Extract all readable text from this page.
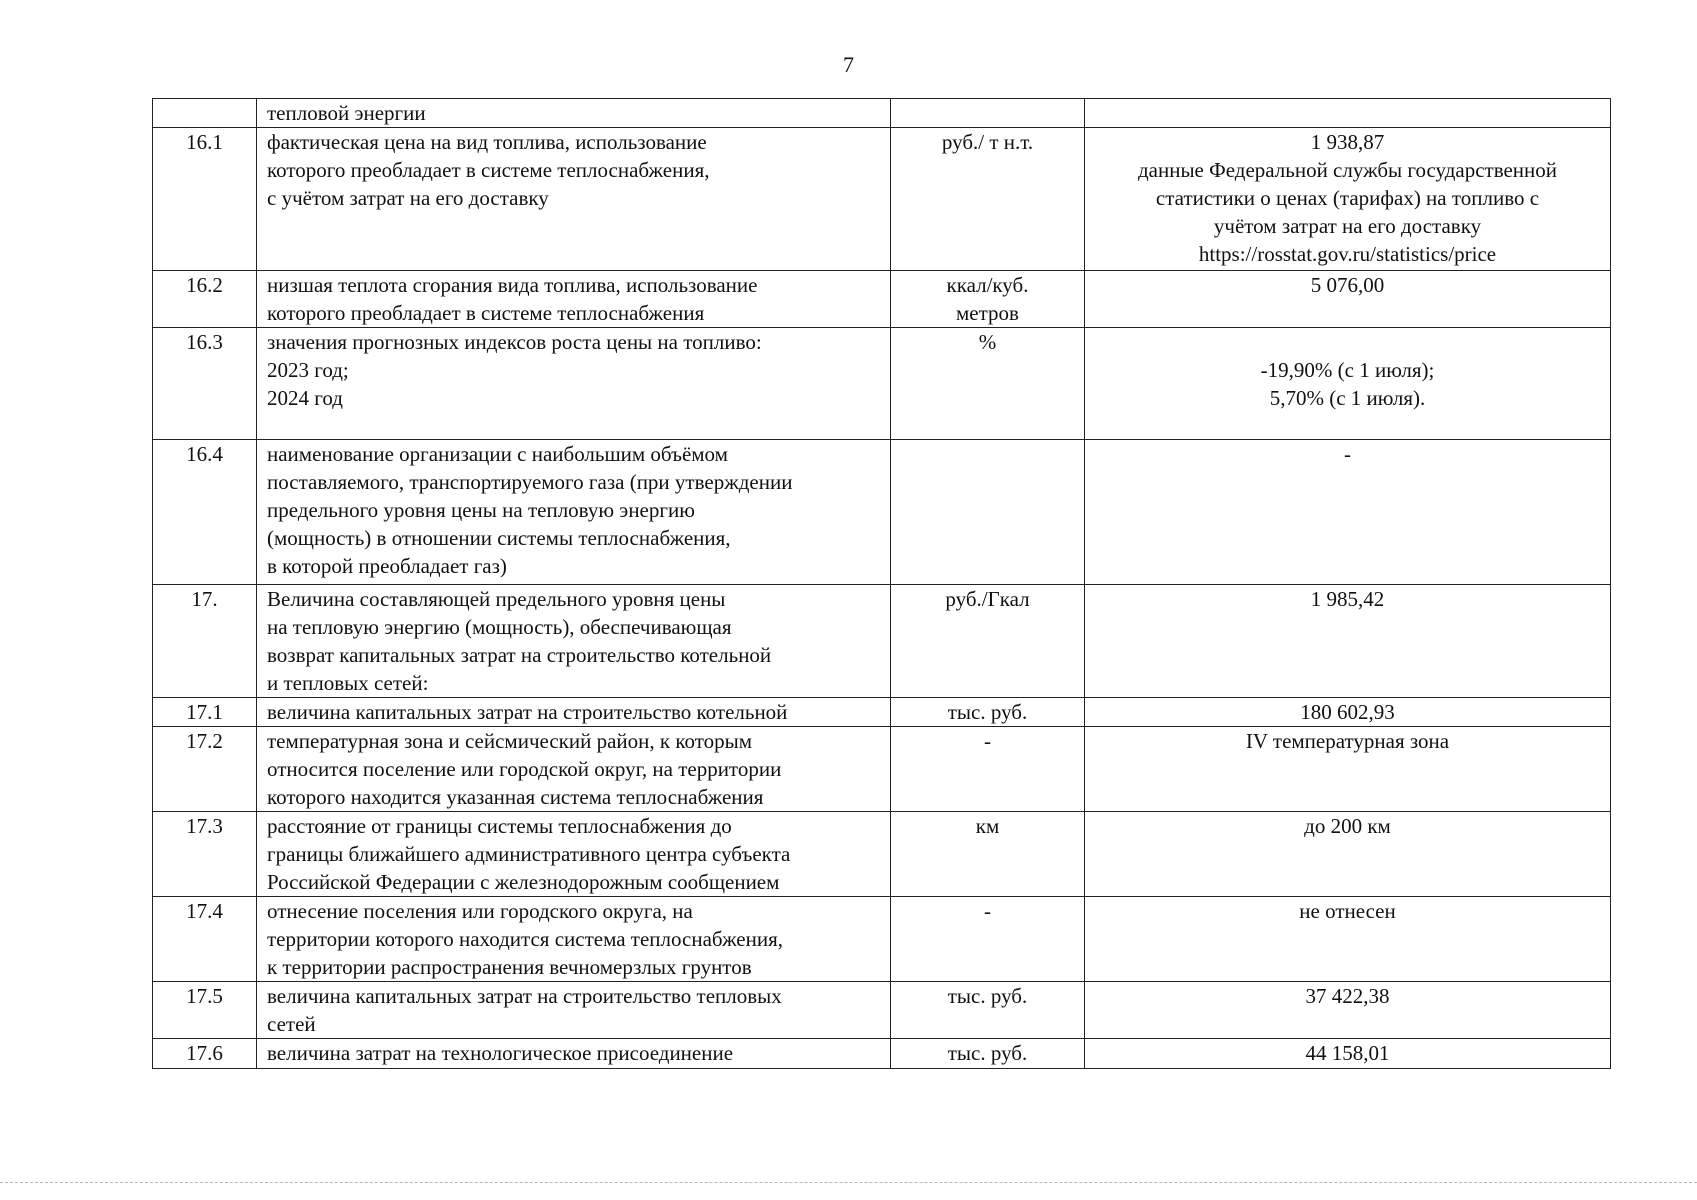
7

	тепловой энергии		

16.1	фактическая цена на вид топлива, использование
которого преобладает в системе теплоснабжения,
с учётом затрат на его доставку	руб./ т н.т.	1 938,87
данные Федеральной службы государственной
статистики о ценах (тарифах) на топливо с
учётом затрат на его доставку
https://rosstat.gov.ru/statistics/price

16.2	низшая теплота сгорания вида топлива, использование
которого преобладает в системе теплоснабжения	ккал/куб.
метров	5 076,00

16.3	значения прогнозных индексов роста цены на топливо:
2023 год;
2024 год	%	-19,90% (с 1 июля);
5,70% (с 1 июля).

16.4	наименование организации с наибольшим объёмом
поставляемого, транспортируемого газа (при утверждении
предельного уровня цены на тепловую энергию
(мощность) в отношении системы теплоснабжения,
в которой преобладает газ)		-

17.	Величина составляющей предельного уровня цены
на тепловую энергию (мощность), обеспечивающая
возврат капитальных затрат на строительство котельной
и тепловых сетей:	руб./Гкал	1 985,42

17.1	величина капитальных затрат на строительство котельной	тыс. руб.	180 602,93

17.2	температурная зона и сейсмический район, к которым
относится поселение или городской округ, на территории
которого находится указанная система теплоснабжения	-	IV температурная зона

17.3	расстояние от границы системы теплоснабжения до
границы ближайшего административного центра субъекта
Российской Федерации с железнодорожным сообщением	км	до 200 км

17.4	отнесение поселения или городского округа, на
территории которого находится система теплоснабжения,
к территории распространения вечномерзлых грунтов	-	не отнесен

17.5	величина капитальных затрат на строительство тепловых
сетей	тыс. руб.	37 422,38

17.6	величина затрат на технологическое присоединение	тыс. руб.	44 158,01
